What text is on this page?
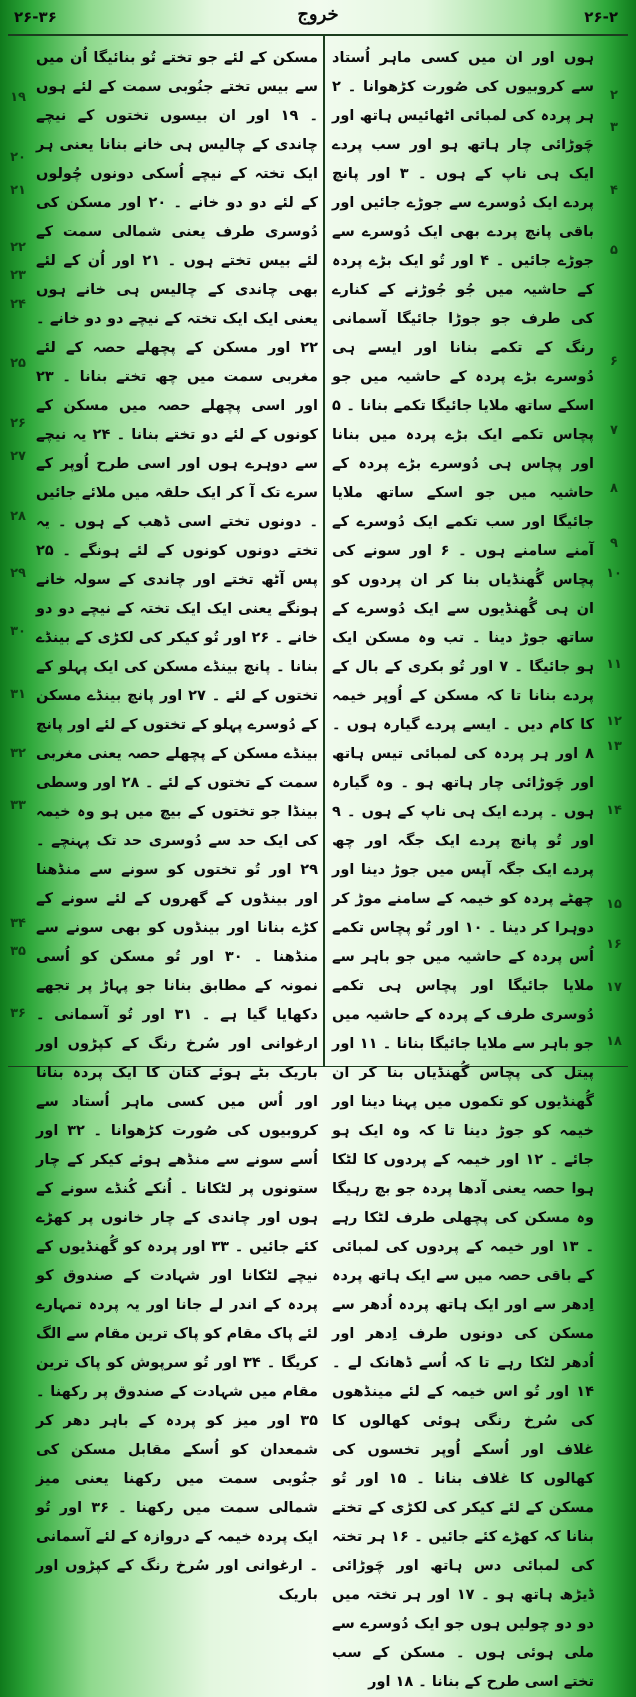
۲۶-۳۶	خروج	۲۶-۲
ہوں اور ان میں کسی ماہر اُستاد سے کروبیوں کی صُورت کڑھوانا ۔ ۲ ہر پردہ کی لمبائی اٹھائیس ہاتھ اور چَوڑائی چار ہاتھ ہو اور سب پردے ایک ہی ناپ کے ہوں ۔ ۳ اور پانچ پردے ایک دُوسرے سے جوڑے جائیں اور باقی پانچ پردے بھی ایک دُوسرے سے جوڑے جائیں ۔ ۴ اور تُو ایک بڑے پردہ کے حاشیہ میں جُو جُوڑنے کے کنارے کی طرف جو جوڑا جائیگا آسمانی رنگ کے تکمے بنانا اور ایسے ہی دُوسرے بڑے پردہ کے حاشیہ میں جو اسکے ساتھ ملایا جائیگا تکمے بنانا ۔ ۵ پچاس تکمے ایک بڑے پردہ میں بنانا اور پچاس ہی دُوسرے بڑے پردہ کے حاشیہ میں جو اسکے ساتھ ملایا جائیگا اور سب تکمے ایک دُوسرے کے آمنے سامنے ہوں ۔ ۶ اور سونے کی پچاس گُھنڈیاں بنا کر ان پردوں کو ان ہی گُھنڈیوں سے ایک دُوسرے کے ساتھ جوڑ دینا ۔ تب وہ مسکن ایک ہو جائیگا ۔ ۷ اور تُو بکری کے بال کے پردے بنانا تا کہ مسکن کے اُوپر خیمہ کا کام دیں ۔ ایسے پردے گیارہ ہوں ۔ ۸ اور ہر پردہ کی لمبائی تیس ہاتھ اور چَوڑائی چار ہاتھ ہو ۔ وہ گیارہ ہوں ۔ پردے ایک ہی ناپ کے ہوں ۔ ۹ اور تُو پانچ پردے ایک جگہ اور چھ پردے ایک جگہ آپس میں جوڑ دینا اور چھٹے پردہ کو خیمہ کے سامنے موڑ کر دوہرا کر دینا ۔ ۱۰ اور تُو پچاس تکمے اُس پردہ کے حاشیہ میں جو باہر سے ملایا جائیگا اور پچاس ہی تکمے دُوسری طرف کے پردہ کے حاشیہ میں جو باہر سے ملایا جائیگا بنانا ۔ ۱۱ اور پیتل کی پچاس گُھنڈیاں بنا کر ان گُھنڈیوں کو تکموں میں پہنا دینا اور خیمہ کو جوڑ دینا تا کہ وہ ایک ہو جائے ۔ ۱۲ اور خیمہ کے پردوں کا لٹکا ہوا حصہ یعنی آدھا پردہ جو بچ رہیگا وہ مسکن کی پچھلی طرف لٹکا رہے ۔ ۱۳ اور خیمہ کے پردوں کی لمبائی کے باقی حصہ میں سے ایک ہاتھ پردہ اِدھر سے اور ایک ہاتھ پردہ اُدھر سے مسکن کی دونوں طرف اِدھر اور اُدھر لٹکا رہے تا کہ اُسے ڈھانک لے ۔ ۱۴ اور تُو اس خیمہ کے لئے مینڈھوں کی سُرخ رنگی ہوئی کھالوں کا غلاف اور اُسکے اُوپر تخسوں کی کھالوں کا غلاف بنانا ۔ ۱۵ اور تُو مسکن کے لئے کیکر کی لکڑی کے تختے بنانا کہ کھڑے کئے جائیں ۔ ۱۶ ہر تختہ کی لمبائی دس ہاتھ اور چَوڑائی ڈیڑھ ہاتھ ہو ۔ ۱۷ اور ہر تختہ میں دو دو چولیں ہوں جو ایک دُوسرے سے ملی ہوئی ہوں ۔ مسکن کے سب تختے اسی طرح کے بنانا ۔ ۱۸ اور
مسکن کے لئے جو تختے تُو بنائیگا اُن میں سے بیس تختے جنُوبی سمت کے لئے ہوں ۔ ۱۹ اور ان بیسوں تختوں کے نیچے چاندی کے چالیس ہی خانے بنانا یعنی ہر ایک تختہ کے نیچے اُسکی دونوں چُولوں کے لئے دو دو خانے ۔ ۲۰ اور مسکن کی دُوسری طرف یعنی شمالی سمت کے لئے بیس تختے ہوں ۔ ۲۱ اور اُن کے لئے بھی چاندی کے چالیس ہی خانے ہوں یعنی ایک ایک تختہ کے نیچے دو دو خانے ۔ ۲۲ اور مسکن کے پچھلے حصہ کے لئے مغربی سمت میں چھ تختے بنانا ۔ ۲۳ اور اسی پچھلے حصہ میں مسکن کے کونوں کے لئے دو تختے بنانا ۔ ۲۴ یہ نیچے سے دوہرے ہوں اور اسی طرح اُوپر کے سرے تک آ کر ایک حلقہ میں ملائے جائیں ۔ دونوں تختے اسی ڈھب کے ہوں ۔ یہ تختے دونوں کونوں کے لئے ہونگے ۔ ۲۵ پس آٹھ تختے اور چاندی کے سولہ خانے ہونگے یعنی ایک ایک تختہ کے نیچے دو دو خانے ۔ ۲۶ اور تُو کیکر کی لکڑی کے بینڈے بنانا ۔ پانچ بینڈے مسکن کی ایک پہلو کے تختوں کے لئے ۔ ۲۷ اور پانچ بینڈے مسکن کے دُوسرے پہلو کے تختوں کے لئے اور پانچ بینڈے مسکن کے پچھلے حصہ یعنی مغربی سمت کے تختوں کے لئے ۔ ۲۸ اور وسطی بینڈا جو تختوں کے بیچ میں ہو وہ خیمہ کی ایک حد سے دُوسری حد تک پہنچے ۔ ۲۹ اور تُو تختوں کو سونے سے منڈھنا اور بینڈوں کے گھروں کے لئے سونے کے کڑے بنانا اور بینڈوں کو بھی سونے سے منڈھنا ۔ ۳۰ اور تُو مسکن کو اُسی نمونہ کے مطابق بنانا جو پہاڑ پر تجھے دکھایا گیا ہے ۔ ۳۱ اور تُو آسمانی ۔ ارغوانی اور سُرخ رنگ کے کپڑوں اور باریک بٹے ہوئے کتان کا ایک پردہ بنانا اور اُس میں کسی ماہر اُستاد سے کروبیوں کی صُورت کڑھوانا ۔ ۳۲ اور اُسے سونے سے منڈھے ہوئے کیکر کے چار ستونوں پر لٹکانا ۔ اُنکے کُنڈے سونے کے ہوں اور چاندی کے چار خانوں پر کھڑے کئے جائیں ۔ ۳۳ اور پردہ کو گُھنڈیوں کے نیچے لٹکانا اور شہادت کے صندوق کو پردہ کے اندر لے جانا اور یہ پردہ تمہارے لئے پاک مقام کو پاک ترین مقام سے الگ کریگا ۔ ۳۴ اور تُو سرپوش کو پاک ترین مقام میں شہادت کے صندوق پر رکھنا ۔ ۳۵ اور میز کو پردہ کے باہر دھر کر شمعدان کو اُسکے مقابل مسکن کی جنُوبی سمت میں رکھنا یعنی میز شمالی سمت میں رکھنا ۔ ۳۶ اور تُو ایک پردہ خیمہ کے دروازہ کے لئے آسمانی ۔ ارغوانی اور سُرخ رنگ کے کپڑوں اور باریک
۲
۳
۴
۵
۶
۷
۸
۹
۱۰
۱۱
۱۲
۱۳
۱۴
۱۵
۱۶
۱۷
۱۸
۱۹
۲۰
۲۱
۲۲
۲۳
۲۴
۲۵
۲۶
۲۷
۲۸
۲۹
۳۰
۳۱
۳۲
۳۳
۳۴
۳۵
۳۶
